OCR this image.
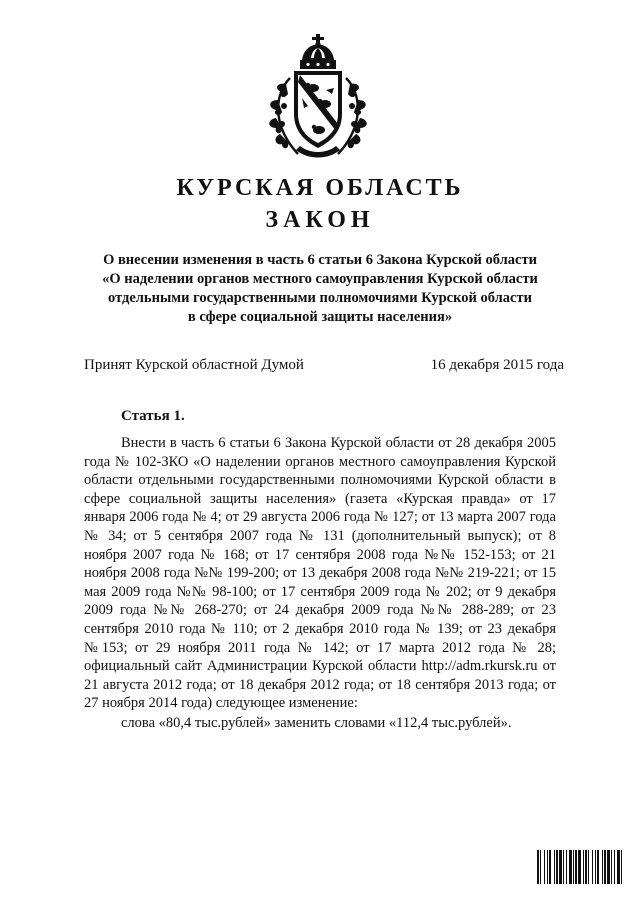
КУРСКАЯ ОБЛАСТЬ
ЗАКОН
О внесении изменения в часть 6 статьи 6 Закона Курской области
«О наделении органов местного самоуправления Курской области
отдельными государственными полномочиями Курской области
в сфере социальной защиты населения»
Принят Курской областной Думой	16 декабря 2015 года
Статья 1.
Внести в часть 6 статьи 6 Закона Курской области от 28 декабря 2005
года № 102-ЗКО «О наделении органов местного самоуправления Курской
области отдельными государственными полномочиями Курской области в
сфере социальной защиты населения» (газета «Курская правда» от 17
января 2006 года № 4; от 29 августа 2006 года № 127; от 13 марта 2007 года
№ 34; от 5 сентября 2007 года № 131 (дополнительный выпуск); от 8
ноября 2007 года № 168; от 17 сентября 2008 года №№ 152-153; от 21
ноября 2008 года №№ 199-200; от 13 декабря 2008 года №№ 219-221; от 15
мая 2009 года №№ 98-100; от 17 сентября 2009 года № 202; от 9 декабря
2009 года №№ 268-270; от 24 декабря 2009 года №№ 288-289; от 23
сентября 2010 года № 110; от 2 декабря 2010 года № 139; от 23 декабря
№153; от 29 ноября 2011 года № 142; от 17 марта 2012 года № 28;
официальный сайт Администрации Курской области http://adm.rkursk.ru от
21 августа 2012 года; от 18 декабря 2012 года; от 18 сентября 2013 года; от
27 ноября 2014 года) следующее изменение:
слова «80,4 тыс.рублей» заменить словами «112,4 тыс.рублей».
